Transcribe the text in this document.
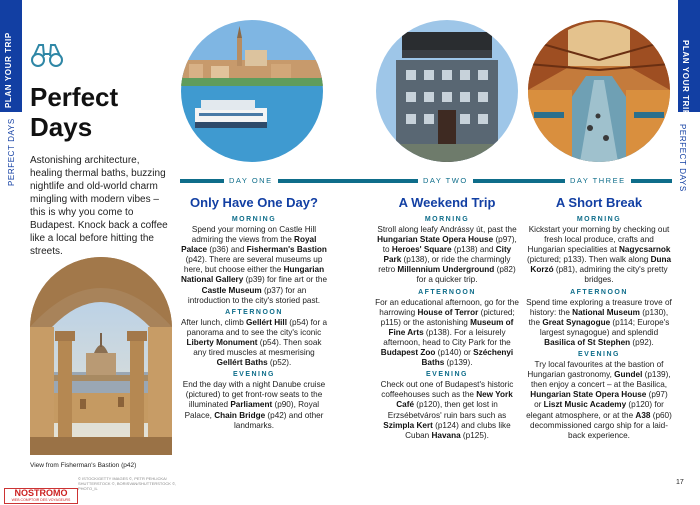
PLAN YOUR TRIP
PERFECT DAYS
PLAN YOUR TRIP
PERFECT DAYS
Perfect
Days
Astonishing architecture, healing thermal baths, buzzing nightlife and old-world charm mingling with modern vibes – this is why you come to Budapest. Knock back a coffee like a local before hitting the streets.
View from Fisherman's Bastion (p42)
© ISTOCK/GETTY IMAGES ©, PETR PEHLICKA/ SHUTTERSTOCK ©, BORISVAN/SHUTTERSTOCK ©, PHOTO_IL
NOSTROMO
WEB COMPTOIR DES VOYAGEURS
17
DAY ONE	DAY TWO	DAY THREE
Only Have One Day?
MORNING

Spend your morning on Castle Hill admiring the views from the Royal Palace (p36) and Fisherman's Bastion (p42). There are several museums up here, but choose either the Hungarian National Gallery (p39) for fine art or the Castle Museum (p37) for an introduction to the city's storied past.

AFTERNOON

After lunch, climb Gellért Hill (p54) for a panorama and to see the city's iconic Liberty Monument (p54). Then soak any tired muscles at mesmerising Gellért Baths (p52).

EVENING

End the day with a night Danube cruise (pictured) to get front-row seats to the illuminated Parliament (p90), Royal Palace, Chain Bridge (p42) and other landmarks.

A Weekend Trip
MORNING

Stroll along leafy Andrássy út, past the Hungarian State Opera House (p97), to Heroes' Square (p138) and City Park (p138), or ride the charmingly retro Millennium Underground (p82) for a quicker trip.

AFTERNOON

For an educational afternoon, go for the harrowing House of Terror (pictured; p115) or the astonishing Museum of Fine Arts (p138). For a leisurely afternoon, head to City Park for the Budapest Zoo (p140) or Széchenyi Baths (p139).

EVENING

Check out one of Budapest's historic coffeehouses such as the New York Café (p120), then get lost in Erzsébetváros' ruin bars such as Szimpla Kert (p124) and clubs like Cuban Havana (p125).

A Short Break
MORNING

Kickstart your morning by checking out fresh local produce, crafts and Hungarian specialities at Nagycsarnok (pictured; p133). Then walk along Duna Korzó (p81), admiring the city's pretty bridges.

AFTERNOON

Spend time exploring a treasure trove of history: the National Museum (p130), the Great Synagogue (p114; Europe's largest synagogue) and splendid Basilica of St Stephen (p92).

EVENING

Try local favourites at the bastion of Hungarian gastronomy, Gundel (p139), then enjoy a concert – at the Basilica, Hungarian State Opera House (p97) or Liszt Music Academy (p120) for elegant atmosphere, or at the A38 (p60) decommissioned cargo ship for a laid-back experience.
